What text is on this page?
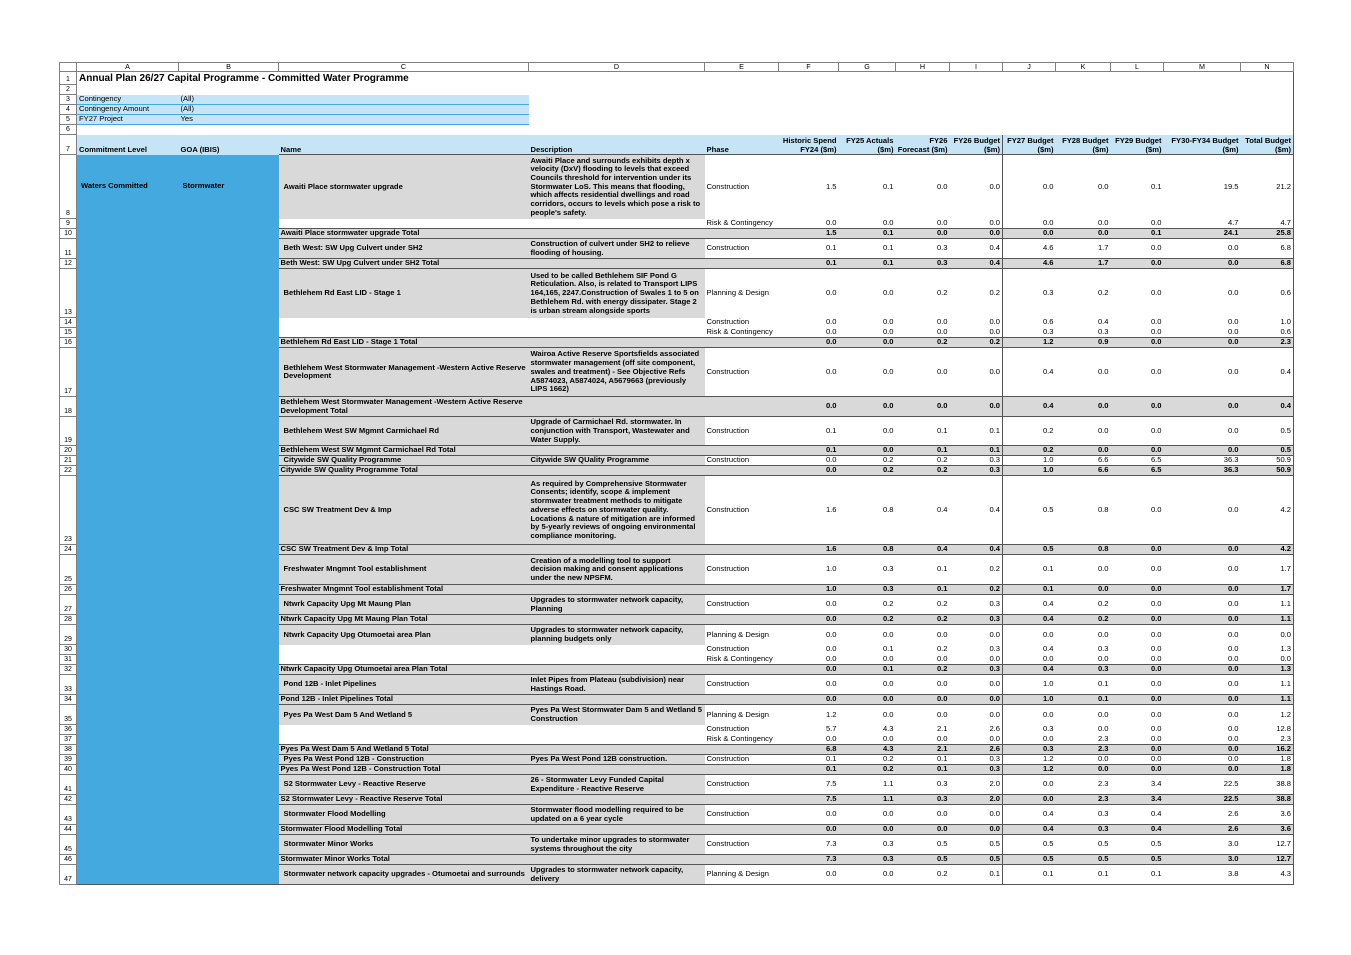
	A	B	C	D	E	F	G	H	I	J	K	L	M	N
1	Annual Plan 26/27 Capital Programme - Committed Water Programme													
2														
3	Contingency	(All)												
4	Contingency Amount	(All)												
5	FY27 Project	Yes												
6														
7	Commitment Level	GOA (IBIS)	Name	Description	Phase	Historic Spend FY24 ($m)	FY25 Actuals ($m)	FY26 Forecast ($m)	FY26 Budget ($m)	FY27 Budget ($m)	FY28 Budget ($m)	FY29 Budget ($m)	FY30-FY34 Budget ($m)	Total Budget ($m)
8	Waters Committed	Stormwater	Awaiti Place stormwater upgrade	Awaiti Place and surrounds exhibits depth x velocity (DxV) flooding to levels that exceed Councils threshold for intervention under its Stormwater LoS. This means that flooding, which affects residential dwellings and road corridors, occurs to levels which pose a risk to people's safety.	Construction	1.5	0.1	0.0	0.0	0.0	0.0	0.1	19.5	21.2
9					Risk & Contingency	0.0	0.0	0.0	0.0	0.0	0.0	0.0	4.7	4.7
10			Awaiti Place stormwater upgrade Total			1.5	0.1	0.0	0.0	0.0	0.0	0.1	24.1	25.8
11			Beth West: SW Upg Culvert under SH2	Construction of culvert under SH2 to relieve flooding of housing.	Construction	0.1	0.1	0.3	0.4	4.6	1.7	0.0	0.0	6.8
12			Beth West: SW Upg Culvert under SH2 Total			0.1	0.1	0.3	0.4	4.6	1.7	0.0	0.0	6.8
13			Bethlehem Rd East LID - Stage 1	Used to be called Bethlehem SIF Pond G Reticulation. Also, is related to Transport LIPS 164,165, 2247.Construction of Swales 1 to 5 on Bethlehem Rd. with energy dissipater. Stage 2 is urban stream alongside sports	Planning & Design	0.0	0.0	0.2	0.2	0.3	0.2	0.0	0.0	0.6
14					Construction	0.0	0.0	0.0	0.0	0.6	0.4	0.0	0.0	1.0
15					Risk & Contingency	0.0	0.0	0.0	0.0	0.3	0.3	0.0	0.0	0.6
16			Bethlehem Rd East LID - Stage 1 Total			0.0	0.0	0.2	0.2	1.2	0.9	0.0	0.0	2.3
17			Bethlehem West Stormwater Management -Western Active Reserve Development	Wairoa Active Reserve Sportsfields associated stormwater management (off site component, swales and treatment) - See Objective Refs A5874023, A5874024, A5679663 (previously LIPS 1662)	Construction	0.0	0.0	0.0	0.0	0.4	0.0	0.0	0.0	0.4
18			Bethlehem West Stormwater Management -Western Active Reserve Development Total			0.0	0.0	0.0	0.0	0.4	0.0	0.0	0.0	0.4
19			Bethlehem West SW Mgmnt Carmichael Rd	Upgrade of Carmichael Rd. stormwater. In conjunction with Transport, Wastewater and Water Supply.	Construction	0.1	0.0	0.1	0.1	0.2	0.0	0.0	0.0	0.5
20			Bethlehem West SW Mgmnt Carmichael Rd Total			0.1	0.0	0.1	0.1	0.2	0.0	0.0	0.0	0.5
21			Citywide SW Quality Programme	Citywide SW QUality Programme	Construction	0.0	0.2	0.2	0.3	1.0	6.6	6.5	36.3	50.9
22			Citywide SW Quality Programme Total			0.0	0.2	0.2	0.3	1.0	6.6	6.5	36.3	50.9
23			CSC SW Treatment Dev & Imp	As required by Comprehensive Stormwater Consents; identify, scope & implement stormwater treatment methods to mitigate adverse effects on stormwater quality. Locations & nature of mitigation are informed by 5-yearly reviews of ongoing environmental compliance monitoring.	Construction	1.6	0.8	0.4	0.4	0.5	0.8	0.0	0.0	4.2
24			CSC SW Treatment Dev & Imp Total			1.6	0.8	0.4	0.4	0.5	0.8	0.0	0.0	4.2
25			Freshwater Mngmnt Tool establishment	Creation of a modelling tool to support decision making and consent applications under the new NPSFM.	Construction	1.0	0.3	0.1	0.2	0.1	0.0	0.0	0.0	1.7
26			Freshwater Mngmnt Tool establishment Total			1.0	0.3	0.1	0.2	0.1	0.0	0.0	0.0	1.7
27			Ntwrk Capacity Upg Mt Maung Plan	Upgrades to stormwater network capacity, Planning	Construction	0.0	0.2	0.2	0.3	0.4	0.2	0.0	0.0	1.1
28			Ntwrk Capacity Upg Mt Maung Plan Total			0.0	0.2	0.2	0.3	0.4	0.2	0.0	0.0	1.1
29			Ntwrk Capacity Upg Otumoetai area Plan	Upgrades to stormwater network capacity, planning budgets only	Planning & Design	0.0	0.0	0.0	0.0	0.0	0.0	0.0	0.0	0.0
30					Construction	0.0	0.1	0.2	0.3	0.4	0.3	0.0	0.0	1.3
31					Risk & Contingency	0.0	0.0	0.0	0.0	0.0	0.0	0.0	0.0	0.0
32			Ntwrk Capacity Upg Otumoetai area Plan Total			0.0	0.1	0.2	0.3	0.4	0.3	0.0	0.0	1.3
33			Pond 12B - Inlet Pipelines	Inlet Pipes from Plateau (subdivision) near Hastings Road.	Construction	0.0	0.0	0.0	0.0	1.0	0.1	0.0	0.0	1.1
34			Pond 12B - Inlet Pipelines Total			0.0	0.0	0.0	0.0	1.0	0.1	0.0	0.0	1.1
35			Pyes Pa West Dam 5 And Wetland 5	Pyes Pa West Stormwater Dam 5 and Wetland 5 Construction	Planning & Design	1.2	0.0	0.0	0.0	0.0	0.0	0.0	0.0	1.2
36					Construction	5.7	4.3	2.1	2.6	0.3	0.0	0.0	0.0	12.8
37					Risk & Contingency	0.0	0.0	0.0	0.0	0.0	2.3	0.0	0.0	2.3
38			Pyes Pa West Dam 5 And Wetland 5 Total			6.8	4.3	2.1	2.6	0.3	2.3	0.0	0.0	16.2
39			Pyes Pa West Pond 12B - Construction	Pyes Pa West Pond 12B construction.	Construction	0.1	0.2	0.1	0.3	1.2	0.0	0.0	0.0	1.8
40			Pyes Pa West Pond 12B - Construction Total			0.1	0.2	0.1	0.3	1.2	0.0	0.0	0.0	1.8
41			S2 Stormwater Levy - Reactive Reserve	26 - Stormwater Levy Funded Capital Expenditure - Reactive Reserve	Construction	7.5	1.1	0.3	2.0	0.0	2.3	3.4	22.5	38.8
42			S2 Stormwater Levy - Reactive Reserve Total			7.5	1.1	0.3	2.0	0.0	2.3	3.4	22.5	38.8
43			Stormwater Flood Modelling	Stormwater flood modelling required to be updated on a 6 year cycle	Construction	0.0	0.0	0.0	0.0	0.4	0.3	0.4	2.6	3.6
44			Stormwater Flood Modelling Total			0.0	0.0	0.0	0.0	0.4	0.3	0.4	2.6	3.6
45			Stormwater Minor Works	To undertake minor upgrades to stormwater systems throughout the city	Construction	7.3	0.3	0.5	0.5	0.5	0.5	0.5	3.0	12.7
46			Stormwater Minor Works Total			7.3	0.3	0.5	0.5	0.5	0.5	0.5	3.0	12.7
47			Stormwater network capacity upgrades - Otumoetai and surrounds	Upgrades to stormwater network capacity, delivery	Planning & Design	0.0	0.0	0.2	0.1	0.1	0.1	0.1	3.8	4.3
